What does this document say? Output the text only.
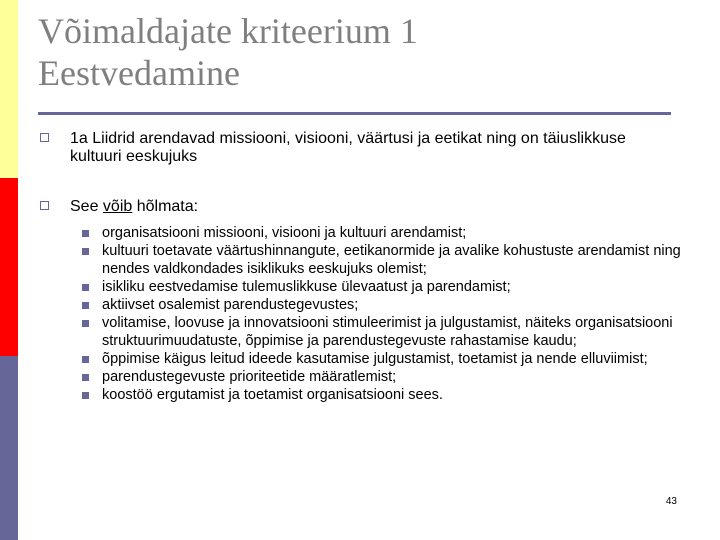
Võimaldajate kriteerium 1
Eestvedamine
1a Liidrid arendavad missiooni, visiooni, väärtusi ja eetikat ning on täiuslikkuse kultuuri eeskujuks
See võib hõlmata:
organisatsiooni missiooni, visiooni ja kultuuri arendamist;
kultuuri toetavate väärtushinnangute, eetikanormide ja avalike kohustuste arendamist ning nendes valdkondades isiklikuks eeskujuks olemist;
isikliku eestvedamise tulemuslikkuse ülevaatust ja parendamist;
aktiivset osalemist parendustegevustes;
volitamise, loovuse ja innovatsiooni stimuleerimist ja julgustamist, näiteks organisatsiooni struktuurimuudatuste, õppimise ja parendustegevuste rahastamise kaudu;
õppimise käigus leitud ideede kasutamise julgustamist, toetamist ja nende elluviimist;
parendustegevuste prioriteetide määratlemist;
koostöö ergutamist ja toetamist organisatsiooni sees.
43
